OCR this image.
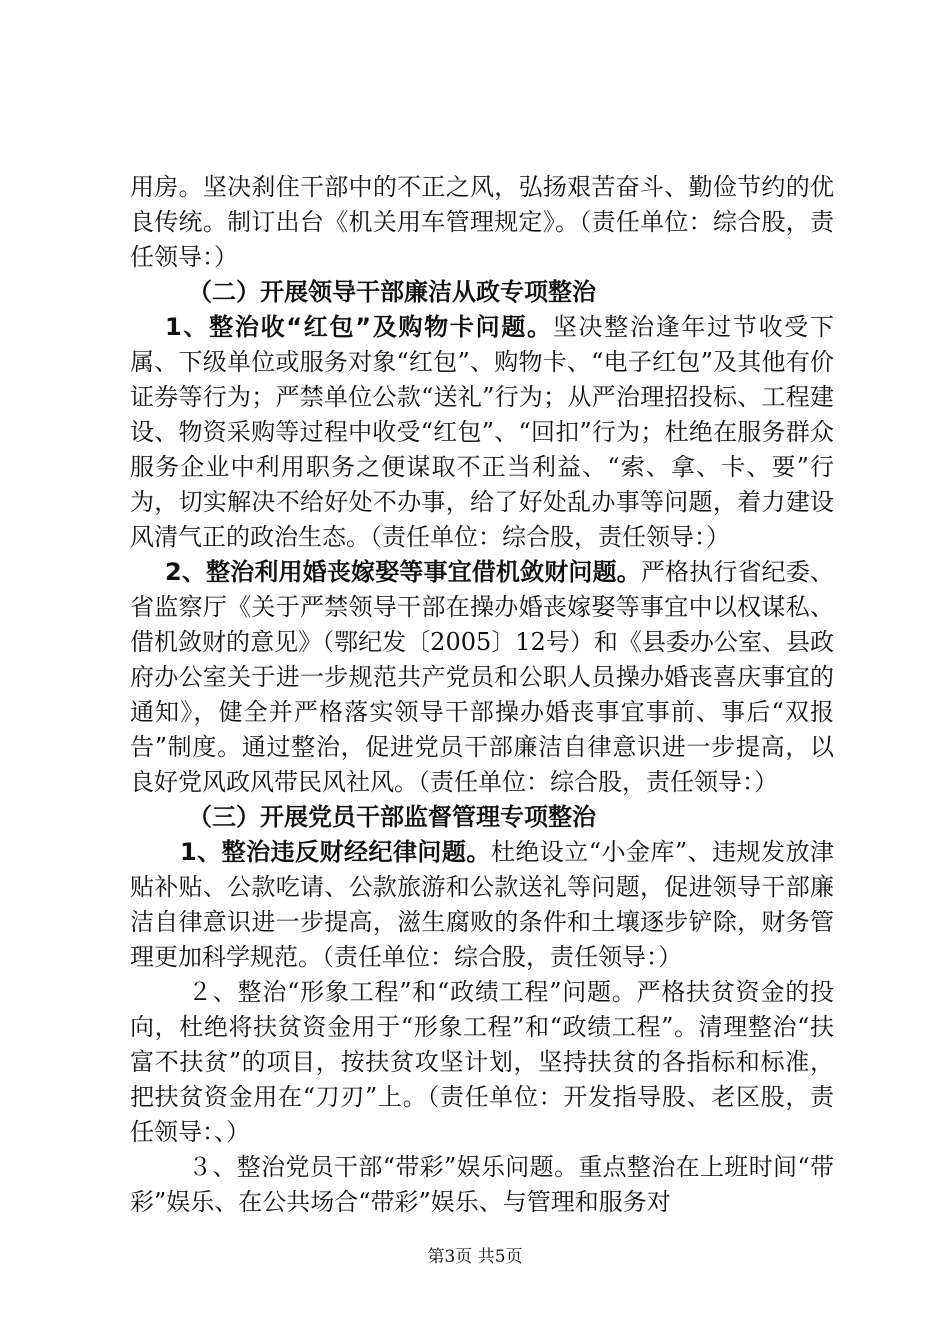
用房。坚决刹住干部中的不正之风，弘扬艰苦奋斗、勤俭节约的优良传统。制订出台《机关用车管理规定》。（责任单位：综合股，责任领导：）

（二）开展领导干部廉洁从政专项整治

1、整治收“红包”及购物卡问题。坚决整治逢年过节收受下属、下级单位或服务对象“红包”、购物卡、“电子红包”及其他有价证券等行为；严禁单位公款“送礼”行为；从严治理招投标、工程建设、物资采购等过程中收受“红包”、“回扣”行为；杜绝在服务群众服务企业中利用职务之便谋取不正当利益、“索、拿、卡、要”行为，切实解决不给好处不办事，给了好处乱办事等问题，着力建设风清气正的政治生态。（责任单位：综合股，责任领导：）

2、整治利用婚丧嫁娶等事宜借机敛财问题。严格执行省纪委、省监察厅《关于严禁领导干部在操办婚丧嫁娶等事宜中以权谋私、借机敛财的意见》（鄂纪发〔2005〕12号）和《县委办公室、县政府办公室关于进一步规范共产党员和公职人员操办婚丧喜庆事宜的通知》，健全并严格落实领导干部操办婚丧事宜事前、事后“双报告”制度。通过整治，促进党员干部廉洁自律意识进一步提高，以良好党风政风带民风社风。（责任单位：综合股，责任领导：）

（三）开展党员干部监督管理专项整治

1、整治违反财经纪律问题。杜绝设立“小金库”、违规发放津贴补贴、公款吃请、公款旅游和公款送礼等问题，促进领导干部廉洁自律意识进一步提高，滋生腐败的条件和土壤逐步铲除，财务管理更加科学规范。（责任单位：综合股，责任领导：）

２、整治“形象工程”和“政绩工程”问题。严格扶贫资金的投向，杜绝将扶贫资金用于“形象工程”和“政绩工程”。清理整治“扶富不扶贫”的项目，按扶贫攻坚计划，坚持扶贫的各指标和标准，把扶贫资金用在“刀刃”上。（责任单位：开发指导股、老区股，责任领导：、）

３、整治党员干部“带彩”娱乐问题。重点整治在上班时间“带彩”娱乐、在公共场合“带彩”娱乐、与管理和服务对

第3页 共5页
